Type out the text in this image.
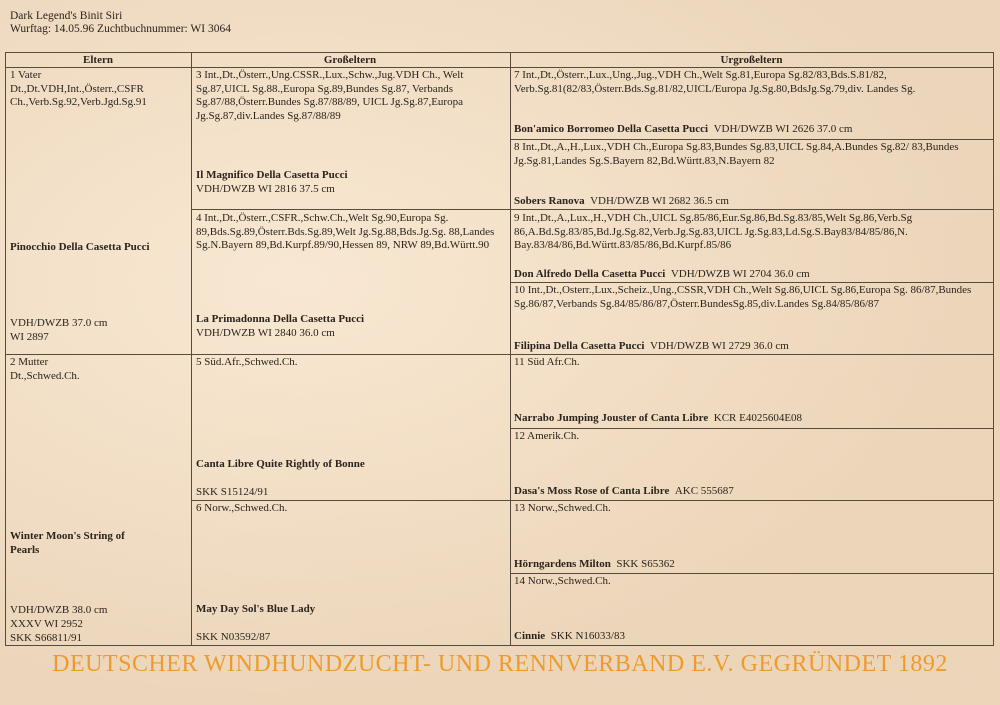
Dark Legend's Binit Siri
Wurftag: 14.05.96 Zuchtbuchnummer: WI 3064
Eltern	Großeltern	Urgroßeltern
1 Vater
Dt.,Dt.VDH,Int.,Österr.,CSFR
Ch.,Verb.Sg.92,Verb.Jgd.Sg.91
Pinocchio Della Casetta Pucci
VDH/DWZB 37.0 cm
WI 2897
2 Mutter
Dt.,Schwed.Ch.
Winter Moon's String of Pearls
VDH/DWZB 38.0 cm
XXXV WI 2952
SKK S66811/91
3 Int.,Dt.,Österr.,Ung.CSSR.,Lux.,Schw.,Jug.VDH Ch., Welt Sg.87,UICL Sg.88.,Europa Sg.89,Bundes Sg.87, Verbands Sg.87/88,Österr.Bundes Sg.87/88/89, UICL Jg.Sg.87,Europa Jg.Sg.87,div.Landes Sg.87/88/89
Il Magnifico Della Casetta Pucci
VDH/DWZB WI 2816 37.5 cm
4 Int.,Dt.,Österr.,CSFR.,Schw.Ch.,Welt Sg.90,Europa Sg. 89,Bds.Sg.89,Österr.Bds.Sg.89,Welt Jg.Sg.88,Bds.Jg.Sg. 88,Landes Sg.N.Bayern 89,Bd.Kurpf.89/90,Hessen 89, NRW 89,Bd.Württ.90
La Primadonna Della Casetta Pucci
VDH/DWZB WI 2840 36.0 cm
5 Süd.Afr.,Schwed.Ch.
Canta Libre Quite Rightly of Bonne
SKK S15124/91
6 Norw.,Schwed.Ch.
May Day Sol's Blue Lady
SKK N03592/87
7 Int.,Dt.,Österr.,Lux.,Ung.,Jug.,VDH Ch.,Welt Sg.81,Europa Sg.82/83,Bds.S.81/82, Verb.Sg.81(82/83,Österr.Bds.Sg.81/82,UICL/Europa Jg.Sg.80,BdsJg.Sg.79,div. Landes Sg.
Bon'amico Borromeo Della Casetta Pucci VDH/DWZB WI 2626 37.0 cm
8 Int.,Dt.,A.,H.,Lux.,VDH Ch.,Europa Sg.83,Bundes Sg.83,UICL Sg.84,A.Bundes Sg.82/ 83,Bundes Jg.Sg.81,Landes Sg.S.Bayern 82,Bd.Württ.83,N.Bayern 82
Sobers Ranova VDH/DWZB WI 2682 36.5 cm
9 Int.,Dt.,A.,Lux.,H.,VDH Ch.,UICL Sg.85/86,Eur.Sg.86,Bd.Sg.83/85,Welt Sg.86,Verb.Sg 86,A.Bd.Sg.83/85,Bd.Jg.Sg.82,Verb.Jg.Sg.83,UICL Jg.Sg.83,Ld.Sg.S.Bay83/84/85/86,N. Bay.83/84/86,Bd.Württ.83/85/86,Bd.Kurpf.85/86
Don Alfredo Della Casetta Pucci VDH/DWZB WI 2704 36.0 cm
10 Int.,Dt.,Osterr.,Lux.,Scheiz.,Ung.,CSSR,VDH Ch.,Welt Sg.86,UICL Sg.86,Europa Sg. 86/87,Bundes Sg.86/87,Verbands Sg.84/85/86/87,Österr.BundesSg.85,div.Landes Sg.84/85/86/87
Filipina Della Casetta Pucci VDH/DWZB WI 2729 36.0 cm
11 Süd Afr.Ch.
Narrabo Jumping Jouster of Canta Libre KCR E4025604E08
12 Amerik.Ch.
Dasa's Moss Rose of Canta Libre AKC 555687
13 Norw.,Schwed.Ch.
Hörngardens Milton SKK S65362
14 Norw.,Schwed.Ch.
Cinnie SKK N16033/83
DEUTSCHER WINDHUNDZUCHT- UND RENNVERBAND E.V. GEGRÜNDET 1892
